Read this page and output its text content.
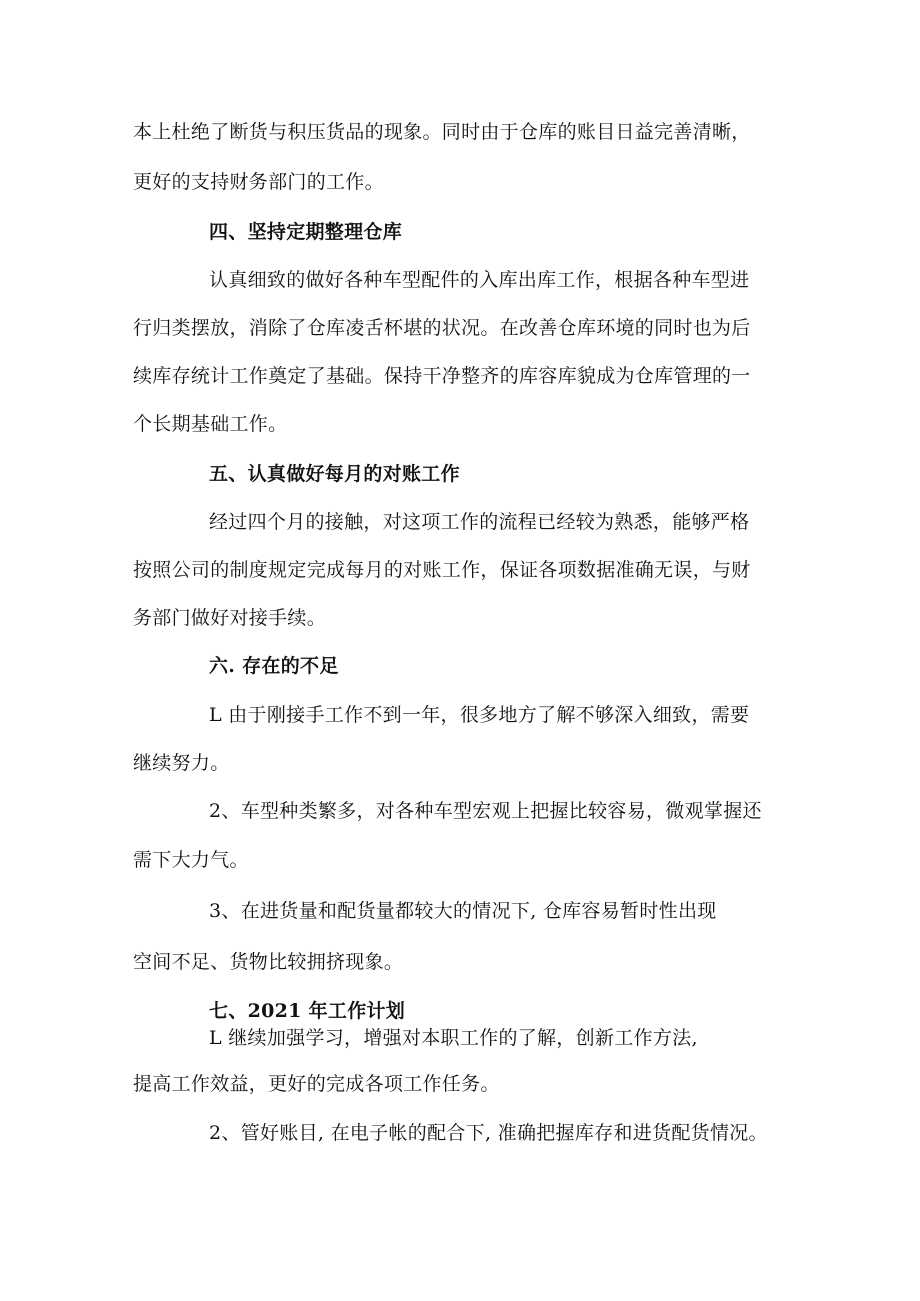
本上杜绝了断货与积压货品的现象。同时由于仓库的账目日益完善清晰，
更好的支持财务部门的工作。
四、坚持定期整理仓库
认真细致的做好各种车型配件的入库出库工作，根据各种车型进
行归类摆放，消除了仓库凌舌杯堪的状况。在改善仓库环境的同时也为后
续库存统计工作奠定了基础。保持干净整齐的库容库貌成为仓库管理的一
个长期基础工作。
五、认真做好每月的对账工作
经过四个月的接触，对这项工作的流程已经较为熟悉，能够严格
按照公司的制度规定完成每月的对账工作，保证各项数据准确无误，与财
务部门做好对接手续。
六. 存在的不足
L 由于刚接手工作不到一年，很多地方了解不够深入细致，需要
继续努力。
2、车型种类繁多，对各种车型宏观上把握比较容易，微观掌握还
需下大力气。
3、在进货量和配货量都较大的情况下, 仓库容易暂时性出现
空间不足、货物比较拥挤现象。
七、2021 年工作计划
L 继续加强学习，增强对本职工作的了解，创新工作方法,
提高工作效益，更好的完成各项工作任务。
2、管好账目, 在电子帐的配合下, 准确把握库存和进货配货情况。
